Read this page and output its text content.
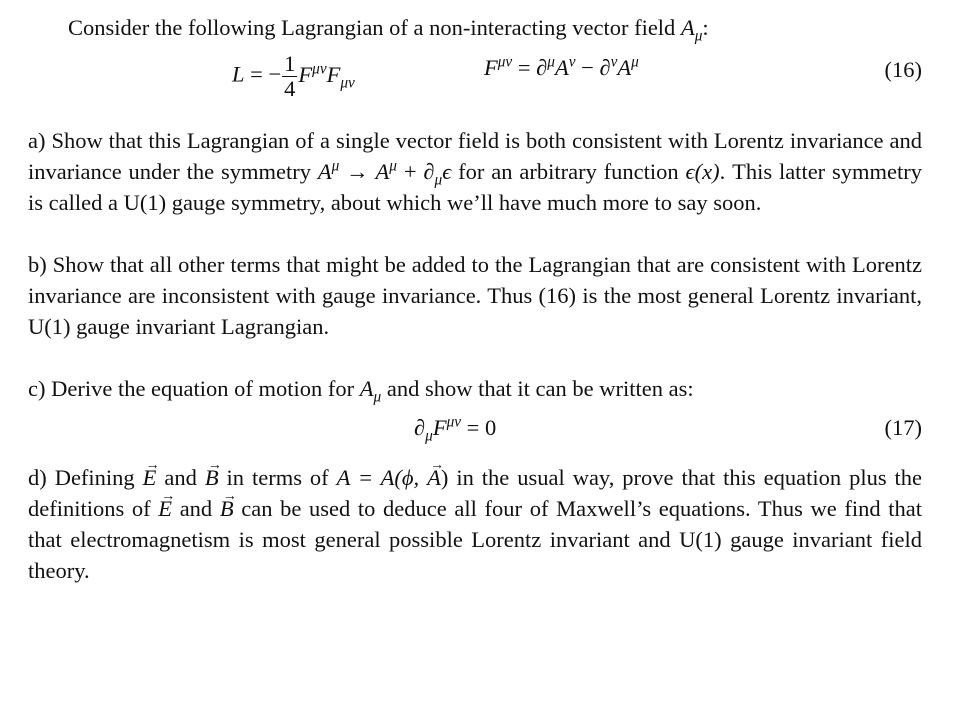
Consider the following Lagrangian of a non-interacting vector field $A_\mu$:

L = − $\frac{1}{4} F^{\mu\nu}F_{\mu\nu}$
$F^{\mu\nu} = \partial^\mu A^\nu - \partial^\nu A^\mu$	(16)

a) Show that this Lagrangian of a single vector field is both consistent with Lorentz invariance and invariance under the symmetry $A^\mu \to A^\mu + \partial_\mu\epsilon$ for an arbitrary function ϵ(x). This latter symmetry is called a U(1) gauge symmetry, about which we’ll have much more to say soon.

b) Show that all other terms that might be added to the Lagrangian that are consistent with Lorentz invariance are inconsistent with gauge invariance. Thus (16) is the most general Lorentz invariant, U(1) gauge invariant Lagrangian.

c) Derive the equation of motion for $A_\mu$ and show that it can be written as:

$\partial_\mu F^{\mu\nu} = 0$	(17)

d) Defining → E and → B in terms of A = A(ϕ, → A) in the usual way, prove that this equation plus the definitions of → E and → B can be used to deduce all four of Maxwell’s equations. Thus we find that that electromagnetism is most general possible Lorentz invariant and U(1) gauge invariant field theory.
